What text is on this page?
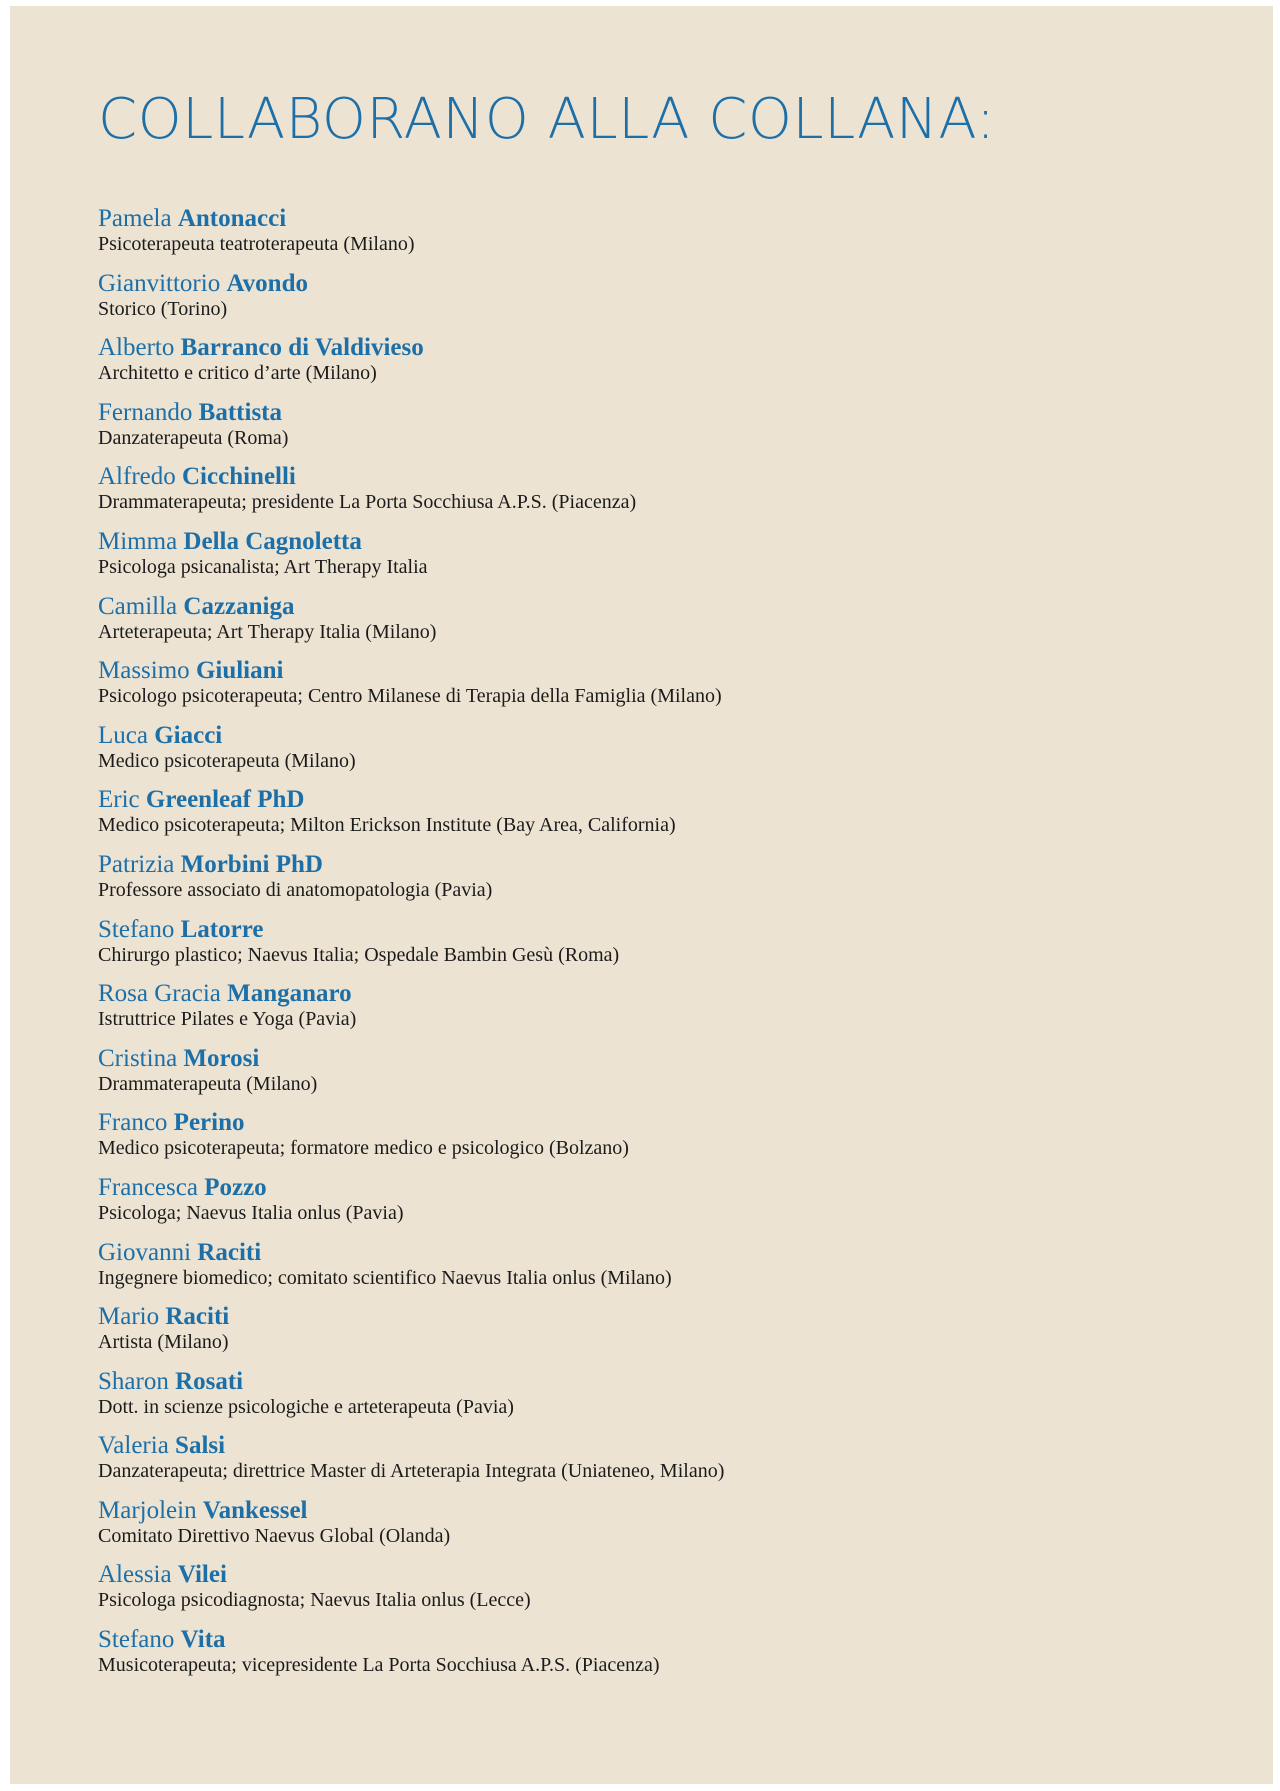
COLLABORANO ALLA COLLANA:
Pamela Antonacci
Psicoterapeuta teatroterapeuta (Milano)
Gianvittorio Avondo
Storico (Torino)
Alberto Barranco di Valdivieso
Architetto e critico d’arte (Milano)
Fernando Battista
Danzaterapeuta (Roma)
Alfredo Cicchinelli
Drammaterapeuta; presidente La Porta Socchiusa A.P.S. (Piacenza)
Mimma Della Cagnoletta
Psicologa psicanalista; Art Therapy Italia
Camilla Cazzaniga
Arteterapeuta; Art Therapy Italia (Milano)
Massimo Giuliani
Psicologo psicoterapeuta; Centro Milanese di Terapia della Famiglia (Milano)
Luca Giacci
Medico psicoterapeuta (Milano)
Eric Greenleaf PhD
Medico psicoterapeuta; Milton Erickson Institute (Bay Area, California)
Patrizia Morbini PhD
Professore associato di anatomopatologia (Pavia)
Stefano Latorre
Chirurgo plastico; Naevus Italia; Ospedale Bambin Gesù (Roma)
Rosa Gracia Manganaro
Istruttrice Pilates e Yoga (Pavia)
Cristina Morosi
Drammaterapeuta (Milano)
Franco Perino
Medico psicoterapeuta; formatore medico e psicologico (Bolzano)
Francesca Pozzo
Psicologa; Naevus Italia onlus (Pavia)
Giovanni Raciti
Ingegnere biomedico; comitato scientifico Naevus Italia onlus (Milano)
Mario Raciti
Artista (Milano)
Sharon Rosati
Dott. in scienze psicologiche e arteterapeuta (Pavia)
Valeria Salsi
Danzaterapeuta; direttrice Master di Arteterapia Integrata (Uniateneo, Milano)
Marjolein Vankessel
Comitato Direttivo Naevus Global (Olanda)
Alessia Vilei
Psicologa psicodiagnosta; Naevus Italia onlus (Lecce)
Stefano Vita
Musicoterapeuta; vicepresidente La Porta Socchiusa A.P.S. (Piacenza)
